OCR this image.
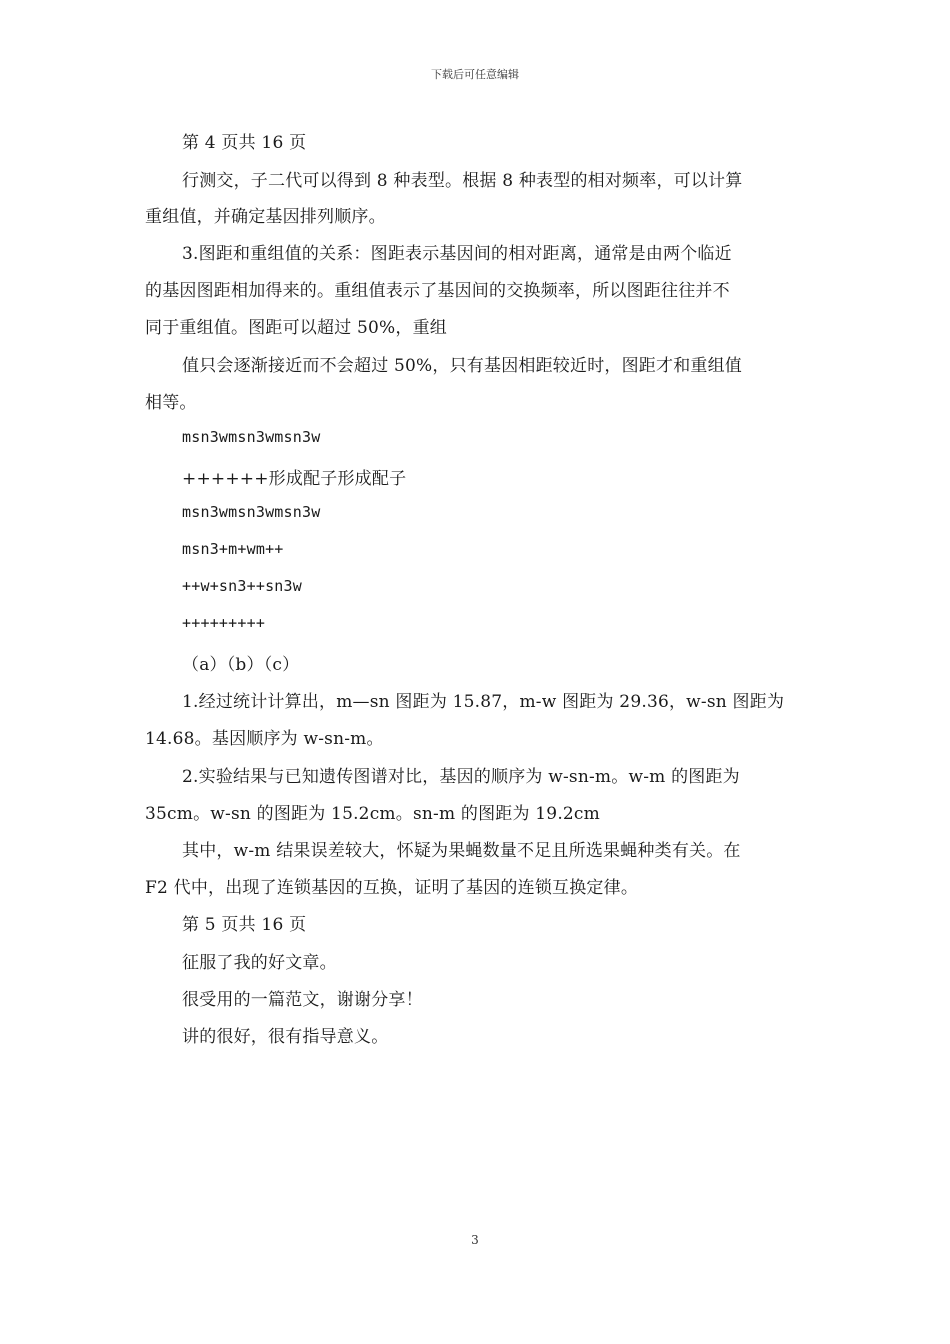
下载后可任意编辑
第 4 页共 16 页
行测交，子二代可以得到 8 种表型。根据 8 种表型的相对频率，可以计算
重组值，并确定基因排列顺序。
3.图距和重组值的关系：图距表示基因间的相对距离，通常是由两个临近
的基因图距相加得来的。重组值表示了基因间的交换频率，所以图距往往并不
同于重组值。图距可以超过 50%，重组
值只会逐渐接近而不会超过 50%，只有基因相距较近时，图距才和重组值
相等。
msn3wmsn3wmsn3w
++++++形成配子形成配子
msn3wmsn3wmsn3w
msn3+m+wm++
++w+sn3++sn3w
+++++++++
（a）（b）（c）
1.经过统计计算出，m—sn 图距为 15.87，m-w 图距为 29.36，w-sn 图距为
14.68。基因顺序为 w-sn-m。
2.实验结果与已知遗传图谱对比，基因的顺序为 w-sn-m。w-m 的图距为
35cm。w-sn 的图距为 15.2cm。sn-m 的图距为 19.2cm
其中，w-m 结果误差较大，怀疑为果蝇数量不足且所选果蝇种类有关。在
F2 代中，出现了连锁基因的互换，证明了基因的连锁互换定律。
第 5 页共 16 页
征服了我的好文章。
很受用的一篇范文，谢谢分享！
讲的很好，很有指导意义。
3
